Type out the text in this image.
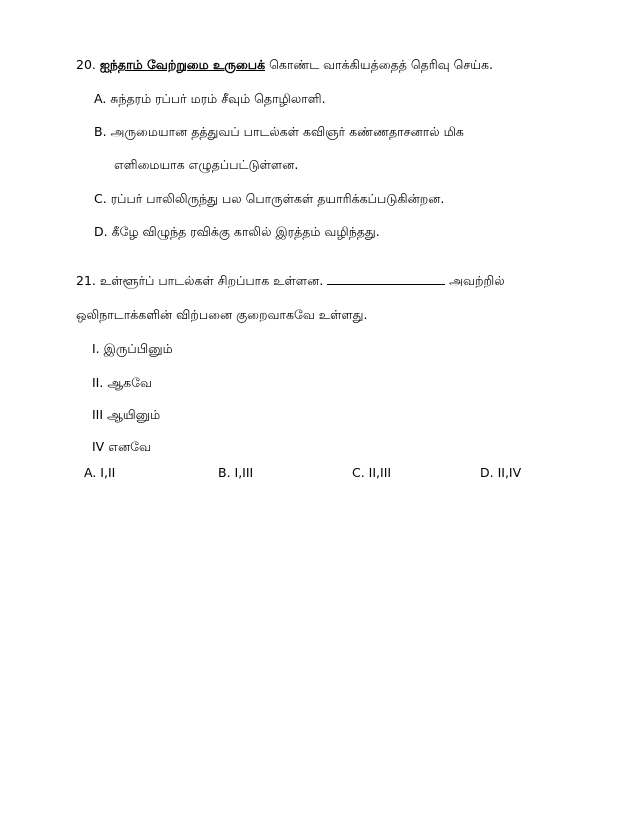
20. ஐந்தாம் வேற்றுமை உருபைக் கொண்ட வாக்கியத்தைத் தெரிவு செய்க.
A. சுந்தரம் ரப்பர் மரம் சீவும் தொழிலாளி.
B. அருமையான தத்துவப் பாடல்கள் கவிஞர் கண்ணதாசனால் மிக
எளிமையாக எழுதப்பட்டுள்ளன.
C. ரப்பர் பாலிலிருந்து பல பொருள்கள் தயாரிக்கப்படுகின்றன.
D. கீழே விழுந்த ரவிக்கு காலில் இரத்தம் வழிந்தது.
21. உள்ளூர்ப் பாடல்கள் சிறப்பாக உள்ளன.	அவற்றில்
ஒலிநாடாக்களின் விற்பனை குறைவாகவே உள்ளது.
I. இருப்பினும்
II. ஆகவே
III ஆயினும்
IV எனவே
A. I,II	B. I,III	C. II,III	D. II,IV
